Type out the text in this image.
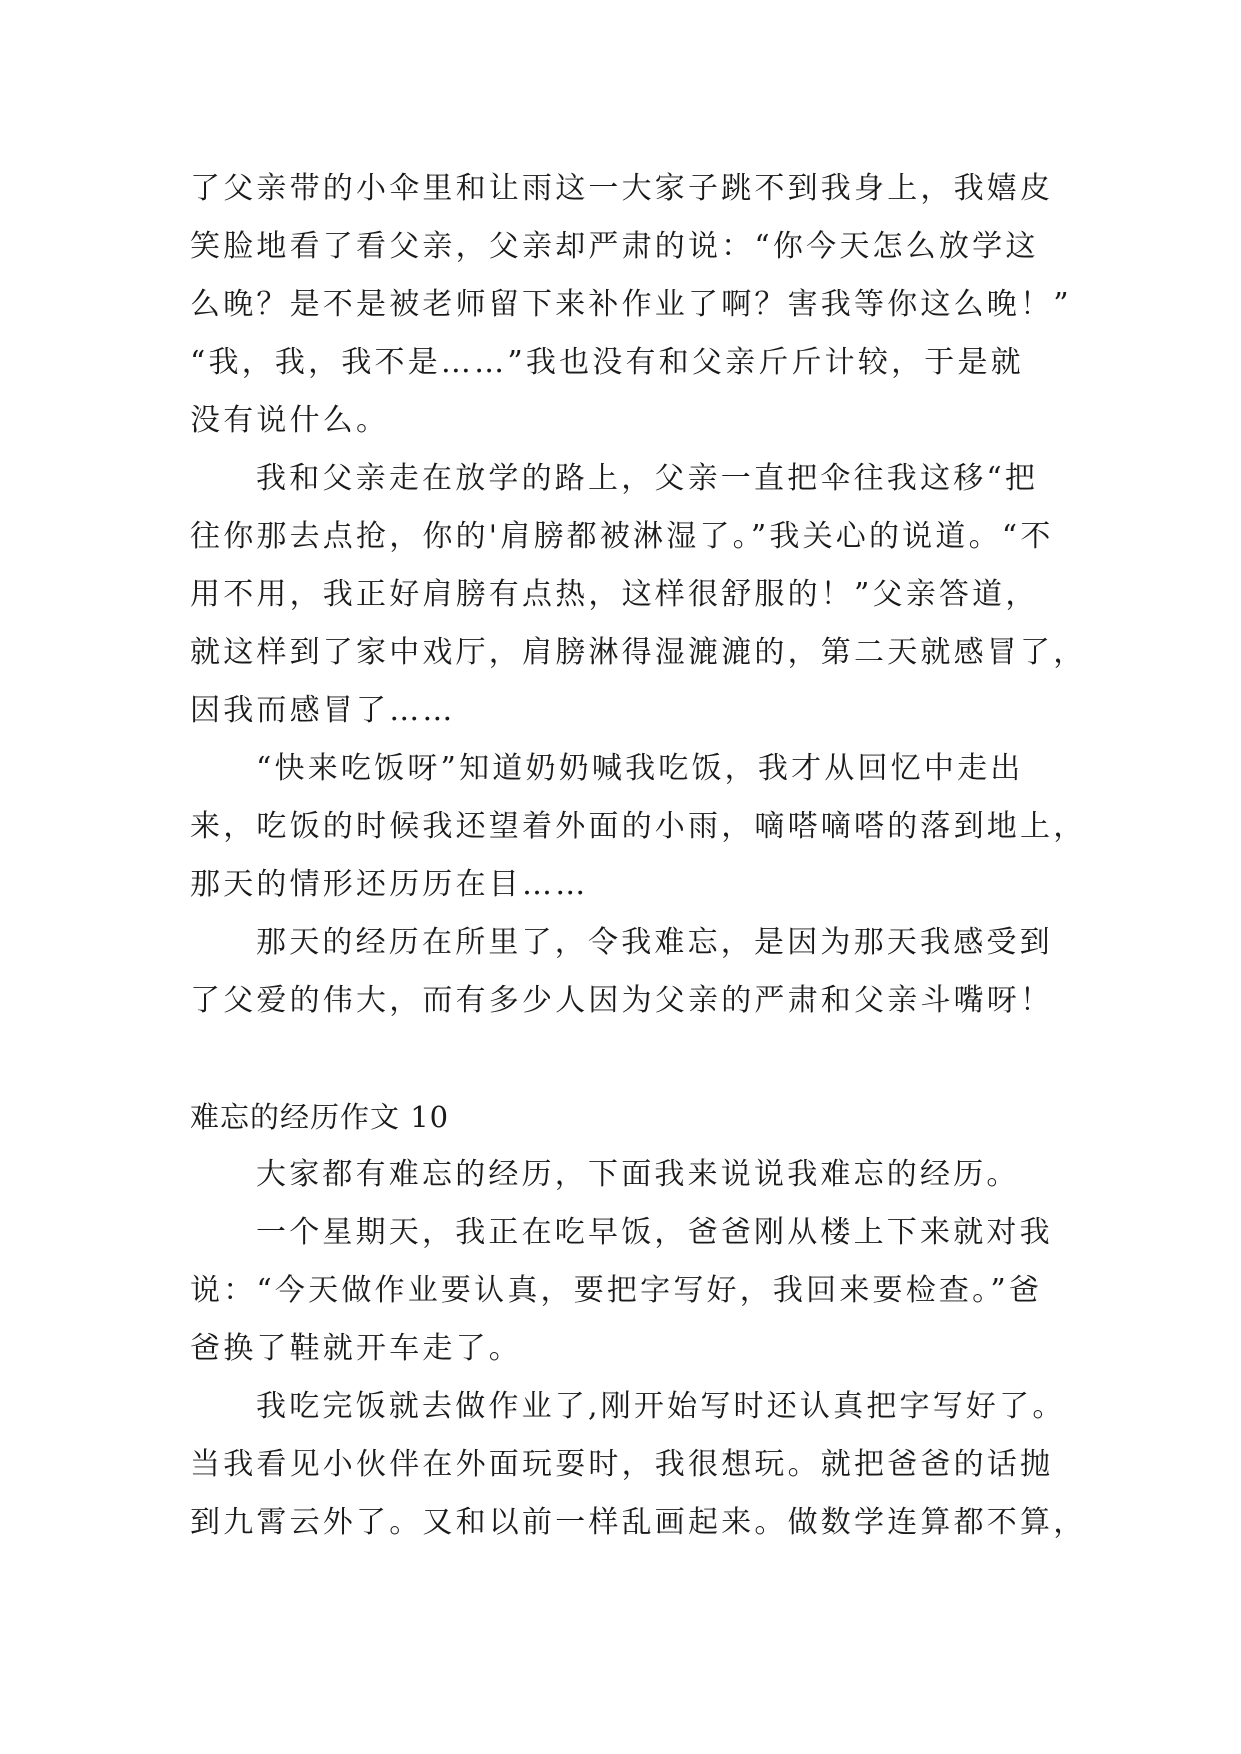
了父亲带的小伞里和让雨这一大家子跳不到我身上，我嬉皮
笑脸地看了看父亲，父亲却严肃的说：“你今天怎么放学这
么晚？是不是被老师留下来补作业了啊？害我等你这么晚！”
“我，我，我不是……”我也没有和父亲斤斤计较，于是就
没有说什么。
我和父亲走在放学的路上，父亲一直把伞往我这移“把
往你那去点抢，你的'肩膀都被淋湿了。”我关心的说道。“不
用不用，我正好肩膀有点热，这样很舒服的！”父亲答道，
就这样到了家中戏厅，肩膀淋得湿漉漉的，第二天就感冒了，
因我而感冒了……
“快来吃饭呀”知道奶奶喊我吃饭，我才从回忆中走出
来，吃饭的时候我还望着外面的小雨，嘀嗒嘀嗒的落到地上，
那天的情形还历历在目……
那天的经历在所里了，令我难忘，是因为那天我感受到
了父爱的伟大，而有多少人因为父亲的严肃和父亲斗嘴呀！
难忘的经历作文 10
大家都有难忘的经历，下面我来说说我难忘的经历。
一个星期天，我正在吃早饭，爸爸刚从楼上下来就对我
说：“今天做作业要认真，要把字写好，我回来要检查。”爸
爸换了鞋就开车走了。
我吃完饭就去做作业了,刚开始写时还认真把字写好了。
当我看见小伙伴在外面玩耍时，我很想玩。就把爸爸的话抛
到九霄云外了。又和以前一样乱画起来。做数学连算都不算，
